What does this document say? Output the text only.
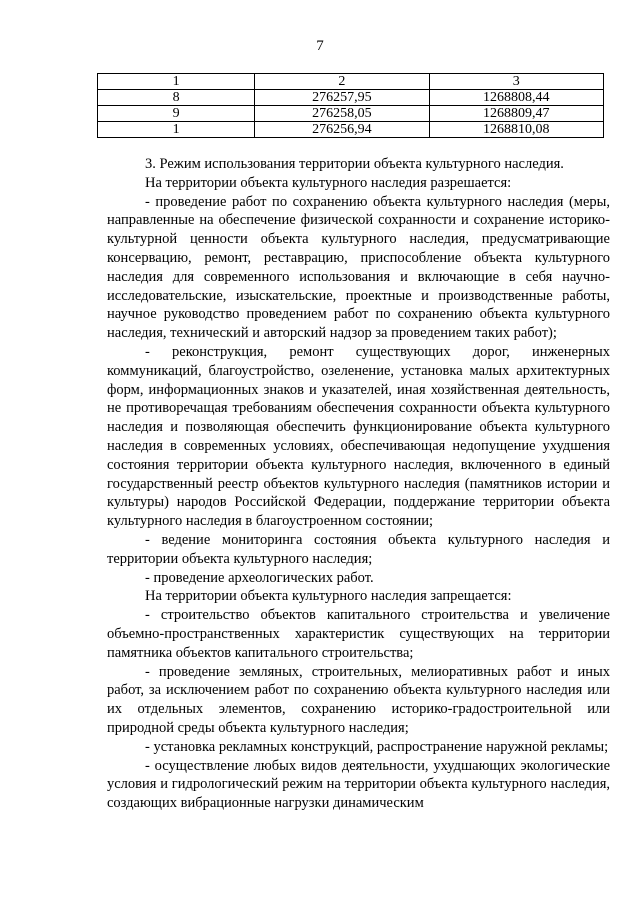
7
1	2	3
8	276257,95	1268808,44
9	276258,05	1268809,47
1	276256,94	1268810,08

3. Режим использования территории объекта культурного наследия.

На территории объекта культурного наследия разрешается:

- проведение работ по сохранению объекта культурного наследия (меры, направленные на обеспечение физической сохранности и сохранение историко-культурной ценности объекта культурного наследия, предусматривающие консервацию, ремонт, реставрацию, приспособление объекта культурного наследия для современного использования и включающие в себя научно-исследовательские, изыскательские, проектные и производственные работы, научное руководство проведением работ по сохранению объекта культурного наследия, технический и авторский надзор за проведением таких работ);

- реконструкция, ремонт существующих дорог, инженерных коммуникаций, благоустройство, озеленение, установка малых архитектурных форм, информационных знаков и указателей, иная хозяйственная деятельность, не противоречащая требованиям обеспечения сохранности объекта культурного наследия и позволяющая обеспечить функционирование объекта культурного наследия в современных условиях, обеспечивающая недопущение ухудшения состояния территории объекта культурного наследия, включенного в единый государственный реестр объектов культурного наследия (памятников истории и культуры) народов Российской Федерации, поддержание территории объекта культурного наследия в благоустроенном состоянии;

- ведение мониторинга состояния объекта культурного наследия и территории объекта культурного наследия;

- проведение археологических работ.

На территории объекта культурного наследия запрещается:

- строительство объектов капитального строительства и увеличение объемно-пространственных характеристик существующих на территории памятника объектов капитального строительства;

- проведение земляных, строительных, мелиоративных работ и иных работ, за исключением работ по сохранению объекта культурного наследия или их отдельных элементов, сохранению историко-градостроительной или природной среды объекта культурного наследия;

- установка рекламных конструкций, распространение наружной рекламы;

- осуществление любых видов деятельности, ухудшающих экологические условия и гидрологический режим на территории объекта культурного наследия, создающих вибрационные нагрузки динамическим
